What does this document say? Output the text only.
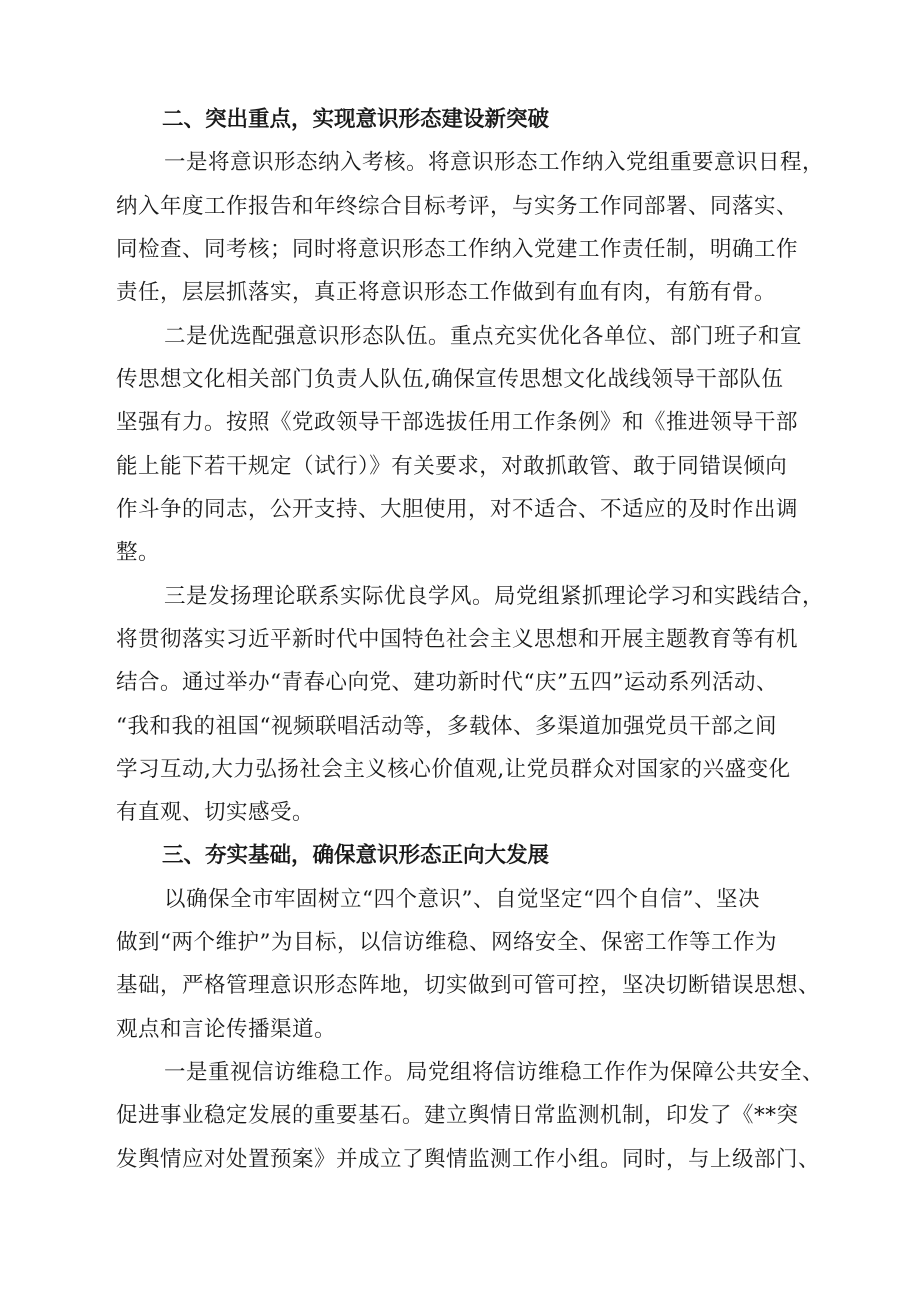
二、突出重点，实现意识形态建设新突破
一是将意识形态纳入考核。将意识形态工作纳入党组重要意识日程，
纳入年度工作报告和年终综合目标考评，与实务工作同部署、同落实、
同检查、同考核；同时将意识形态工作纳入党建工作责任制，明确工作
责任，层层抓落实，真正将意识形态工作做到有血有肉，有筋有骨。
二是优选配强意识形态队伍。重点充实优化各单位、部门班子和宣
传思想文化相关部门负责人队伍,确保宣传思想文化战线领导干部队伍
坚强有力。按照《党政领导干部选拔任用工作条例》和《推进领导干部
能上能下若干规定（试行）》有关要求，对敢抓敢管、敢于同错误倾向
作斗争的同志，公开支持、大胆使用，对不适合、不适应的及时作出调
整。
三是发扬理论联系实际优良学风。局党组紧抓理论学习和实践结合，
将贯彻落实习近平新时代中国特色社会主义思想和开展主题教育等有机
结合。通过举办“青春心向党、建功新时代“庆”五四”运动系列活动、
“我和我的祖国“视频联唱活动等，多载体、多渠道加强党员干部之间
学习互动,大力弘扬社会主义核心价值观,让党员群众对国家的兴盛变化
有直观、切实感受。
三、夯实基础，确保意识形态正向大发展
以确保全市牢固树立“四个意识”、自觉坚定“四个自信”、坚决
做到“两个维护”为目标，以信访维稳、网络安全、保密工作等工作为
基础，严格管理意识形态阵地，切实做到可管可控，坚决切断错误思想、
观点和言论传播渠道。
一是重视信访维稳工作。局党组将信访维稳工作作为保障公共安全、
促进事业稳定发展的重要基石。建立舆情日常监测机制，印发了《**突
发舆情应对处置预案》并成立了舆情监测工作小组。同时，与上级部门、
